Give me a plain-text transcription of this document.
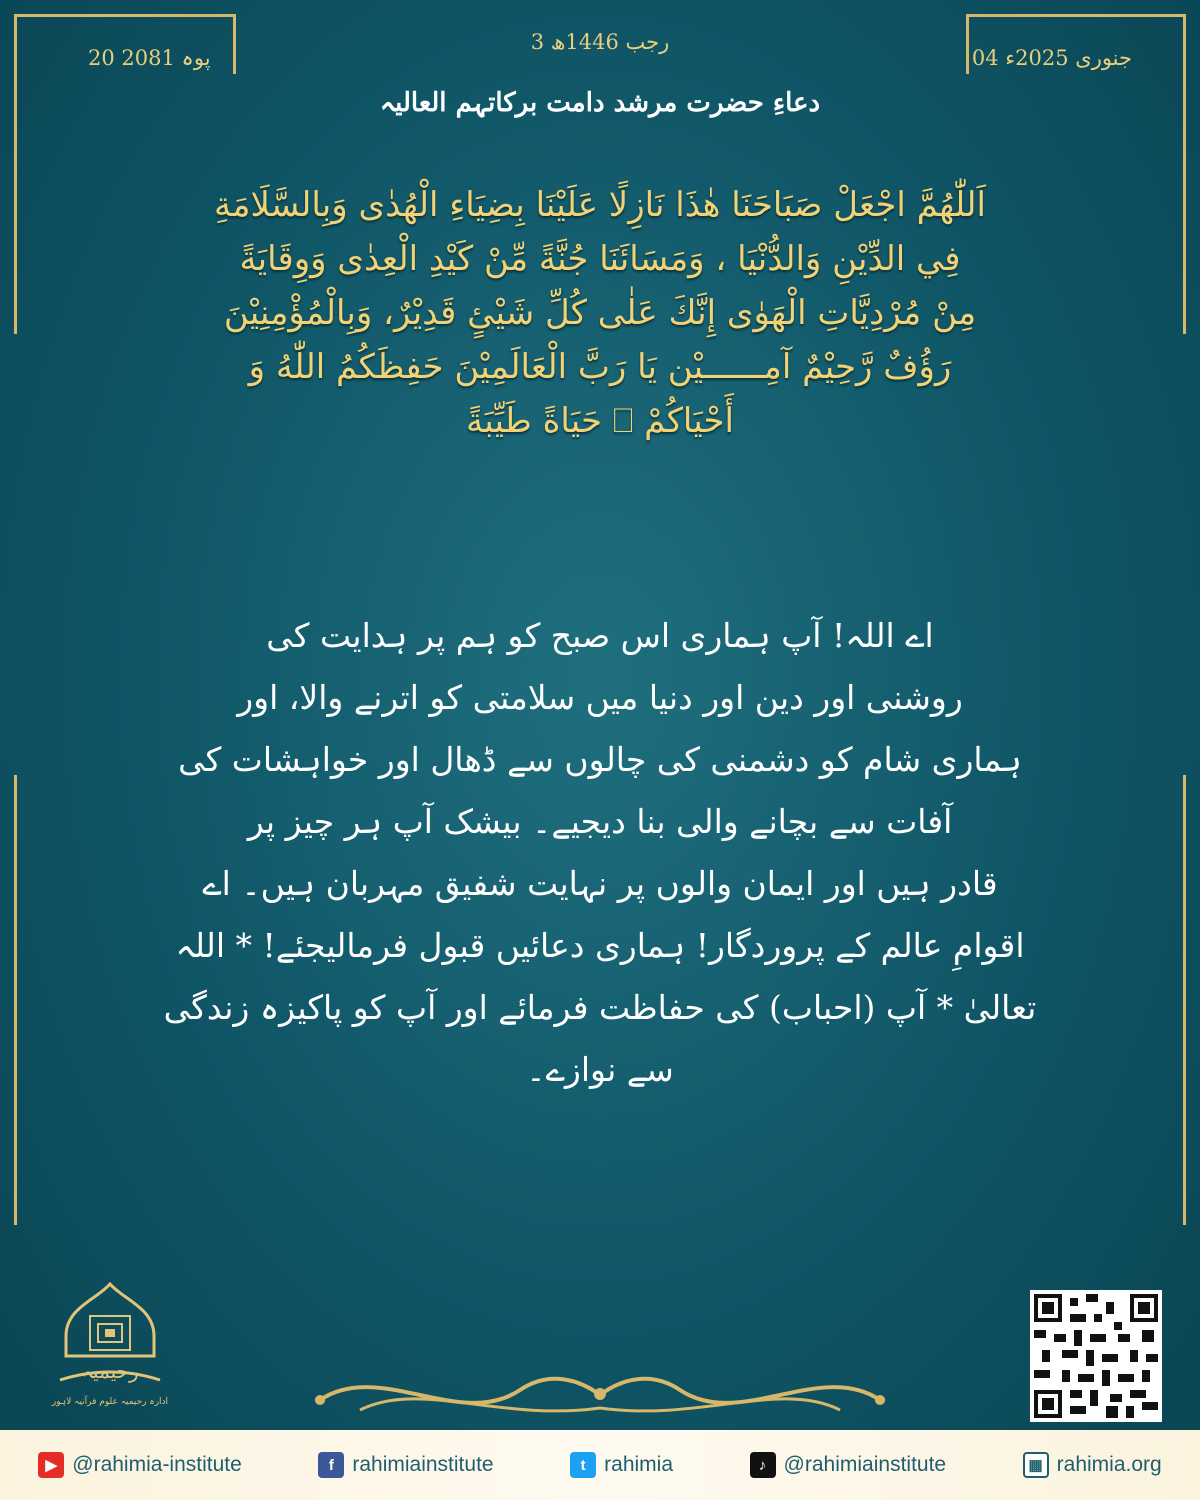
3 رجب 1446ھ
04 جنوری 2025ء
20 پوہ 2081
دعاءِ حضرت مرشد دامت برکاتہم العالیہ
اَللّٰهُمَّ اجْعَلْ صَبَاحَنَا هٰذَا نَازِلًا عَلَيْنَا بِضِيَاءِ الْهُدٰى وَبِالسَّلَامَةِ
فِي الدِّيْنِ وَالدُّنْيَا ، وَمَسَائَنَا جُنَّةً مِّنْ كَيْدِ الْعِدٰى وَوِقَايَةً
مِنْ مُرْدِيَّاتِ الْهَوٰى إِنَّكَ عَلٰى كُلِّ شَيْئٍ قَدِيْرٌ، وَبِالْمُؤْمِنِيْنَ
رَؤُفٌ رَّحِيْمٌ آمِــــــيْن يَا رَبَّ الْعَالَمِيْنَ حَفِظَكُمُ اللّٰهُ وَ
أَحْيَاكُمْ ⎕ حَيَاةً طَيِّبَةً
اے اللہ! آپ ہماری اس صبح کو ہم پر ہدایت کی
روشنی اور دین اور دنیا میں سلامتی کو اترنے والا، اور
ہماری شام کو دشمنی کی چالوں سے ڈھال اور خواہشات کی
آفات سے بچانے والی بنا دیجیے۔ بیشک آپ ہر چیز پر
قادر ہیں اور ایمان والوں پر نہایت شفیق مہربان ہیں۔ اے
اقوامِ عالم کے پروردگار! ہماری دعائیں قبول فرمالیجئے! * اللہ
تعالیٰ * آپ (احباب) کی حفاظت فرمائے اور آپ کو پاکیزہ زندگی
سے نوازے۔
رحیمیہ
ادارہ رحیمیہ علوم قرآنیہ لاہور
▶ @rahimia-institute	f rahimiainstitute	t rahimia	♪ @rahimiainstitute	▦ rahimia.org
